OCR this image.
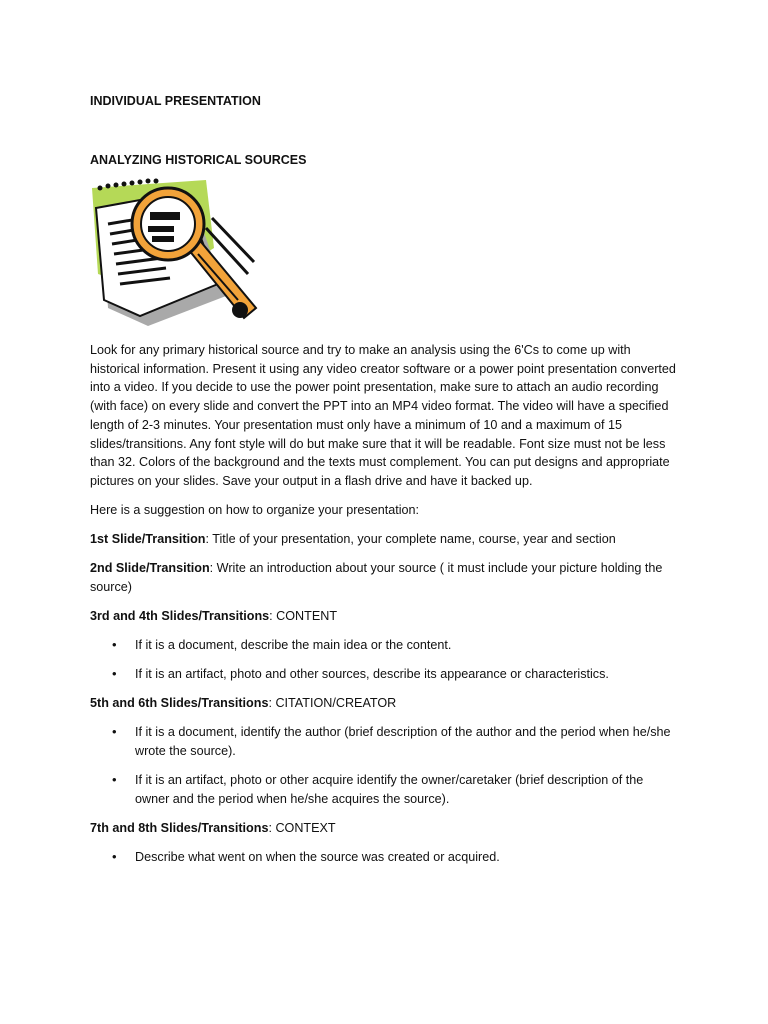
INDIVIDUAL PRESENTATION
ANALYZING HISTORICAL SOURCES

Look for any primary historical source and try to make an analysis using the 6'Cs to come up with historical information. Present it using any video creator software or a power point presentation converted into a video. If you decide to use the power point presentation, make sure to attach an audio recording (with face) on every slide and convert the PPT into an MP4 video format. The video will have a specified length of 2-3 minutes. Your presentation must only have a minimum of 10 and a maximum of 15 slides/transitions. Any font style will do but make sure that it will be readable. Font size must not be less than 32. Colors of the background and the texts must complement. You can put designs and appropriate pictures on your slides. Save your output in a flash drive and have it backed up.

Here is a suggestion on how to organize your presentation:

1st Slide/Transition: Title of your presentation, your complete name, course, year and section

2nd Slide/Transition: Write an introduction about your source ( it must include your picture holding the source)

3rd and 4th Slides/Transitions: CONTENT

• If it is a document, describe the main idea or the content.
• If it is an artifact, photo and other sources, describe its appearance or characteristics.

5th and 6th Slides/Transitions: CITATION/CREATOR

• If it is a document, identify the author (brief description of the author and the period when he/she wrote the source).
• If it is an artifact, photo or other acquire identify the owner/caretaker (brief description of the owner and the period when he/she acquires the source).

7th and 8th Slides/Transitions: CONTEXT

• Describe what went on when the source was created or acquired.
